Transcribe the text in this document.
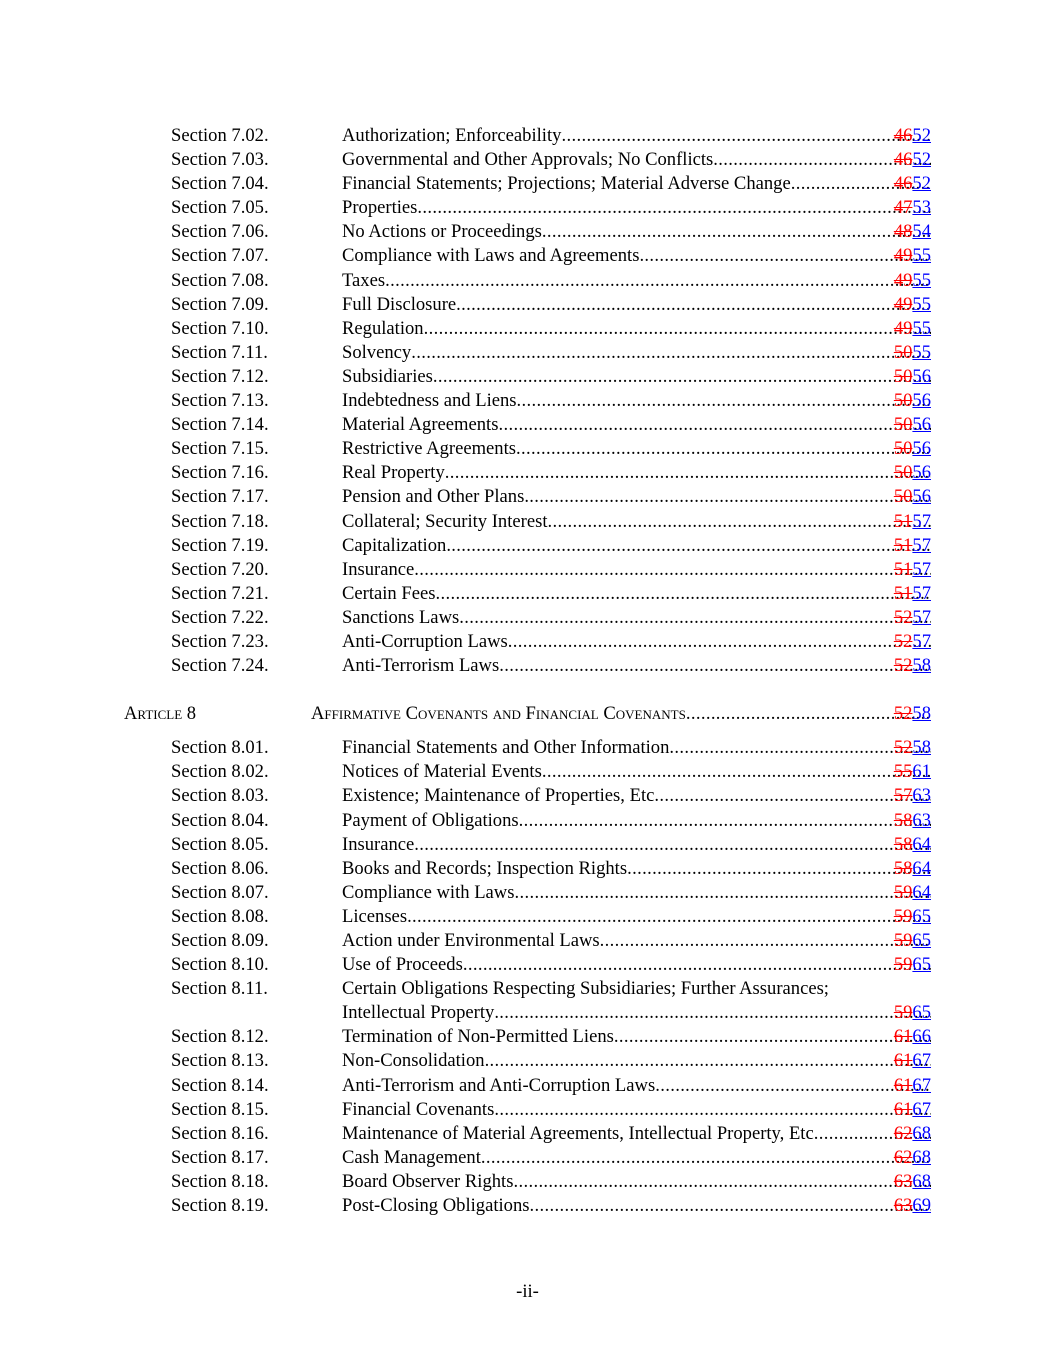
Section 7.02.	Authorization; Enforceability . . .	4652
Section 7.03.	Governmental and Other Approvals; No Conflicts . . .	4652
Section 7.04.	Financial Statements; Projections; Material Adverse Change . . .	4652
Section 7.05.	Properties . . .	4753
Section 7.06.	No Actions or Proceedings . . .	4854
Section 7.07.	Compliance with Laws and Agreements . . .	4955
Section 7.08.	Taxes . . .	4955
Section 7.09.	Full Disclosure . . .	4955
Section 7.10.	Regulation . . .	4955
Section 7.11.	Solvency . . .	5055
Section 7.12.	Subsidiaries . . .	5056
Section 7.13.	Indebtedness and Liens . . .	5056
Section 7.14.	Material Agreements . . .	5056
Section 7.15.	Restrictive Agreements . . .	5056
Section 7.16.	Real Property . . .	5056
Section 7.17.	Pension and Other Plans . . .	5056
Section 7.18.	Collateral; Security Interest . . .	5157
Section 7.19.	Capitalization . . .	5157
Section 7.20.	Insurance . . .	5157
Section 7.21.	Certain Fees . . .	5157
Section 7.22.	Sanctions Laws . . .	5257
Section 7.23.	Anti-Corruption Laws . . .	5257
Section 7.24.	Anti-Terrorism Laws . . .	5258
Article 8	Affirmative Covenants and Financial Covenants . . .	5258
Section 8.01.	Financial Statements and Other Information . . .	5258
Section 8.02.	Notices of Material Events . . .	5561
Section 8.03.	Existence; Maintenance of Properties, Etc . . .	5763
Section 8.04.	Payment of Obligations . . .	5863
Section 8.05.	Insurance . . .	5864
Section 8.06.	Books and Records; Inspection Rights . . .	5864
Section 8.07.	Compliance with Laws . . .	5964
Section 8.08.	Licenses . . .	5965
Section 8.09.	Action under Environmental Laws . . .	5965
Section 8.10.	Use of Proceeds . . .	5965
Section 8.11.	Certain Obligations Respecting Subsidiaries; Further Assurances;
Intellectual Property . . .	5965
Section 8.12.	Termination of Non-Permitted Liens . . .	6166
Section 8.13.	Non-Consolidation . . .	6167
Section 8.14.	Anti-Terrorism and Anti-Corruption Laws . . .	6167
Section 8.15.	Financial Covenants . . .	6167
Section 8.16.	Maintenance of Material Agreements, Intellectual Property, Etc . . .	6268
Section 8.17.	Cash Management . . .	6268
Section 8.18.	Board Observer Rights . . .	6368
Section 8.19.	Post-Closing Obligations . . .	6369
-ii-
